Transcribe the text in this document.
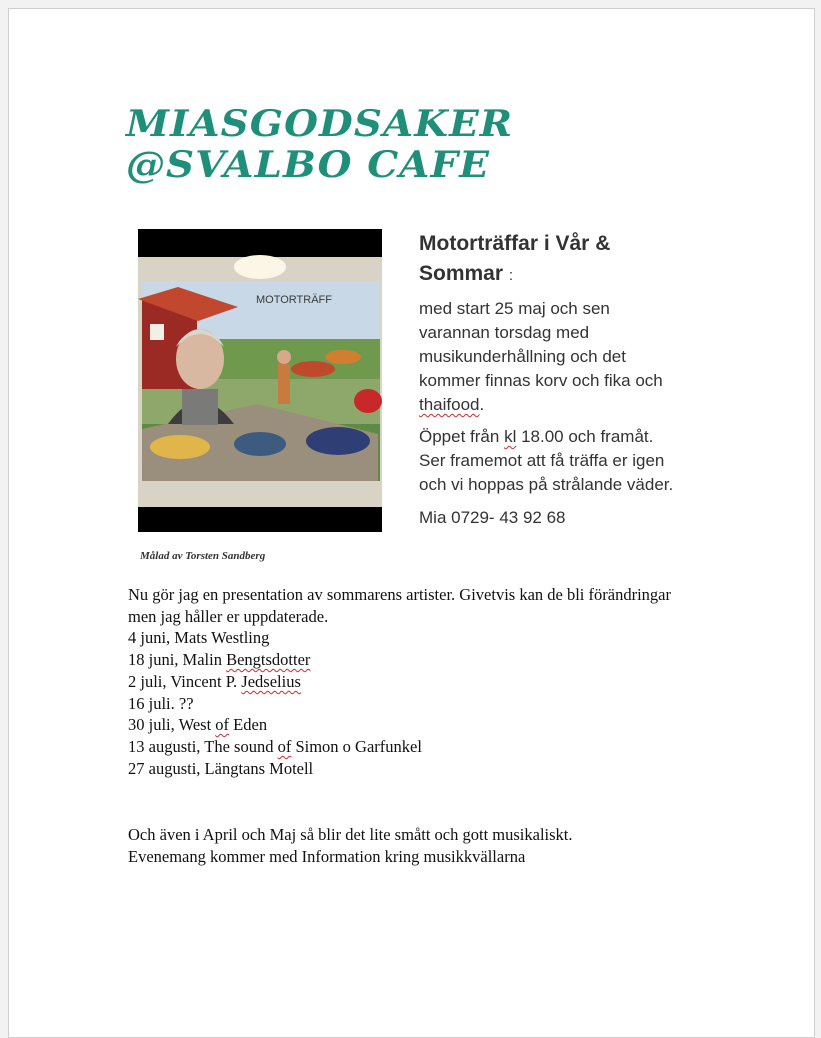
MIASGODSAKER
@SVALBO CAFE
MOTORTRÄFF
Målad av Torsten Sandberg
Motorträffar i Vår & Sommar :

med start 25 maj och sen varannan torsdag med musikunderhållning och det kommer finnas korv och fika och thaifood.

Öppet från kl 18.00 och framåt. Ser framemot att få träffa er igen och vi hoppas på strålande väder.

Mia 0729- 43 92 68

Nu gör jag en presentation av sommarens artister. Givetvis kan de bli förändringar men jag håller er uppdaterade.

4 juni, Mats Westling
18 juni, Malin Bengtsdotter
2 juli, Vincent P. Jedselius
16 juli. ??
30 juli, West of Eden
13 augusti, The sound of Simon o Garfunkel
27 augusti, Längtans Motell

Och även i April och Maj så blir det lite smått och gott musikaliskt.

Evenemang kommer med Information kring musikkvällarna
